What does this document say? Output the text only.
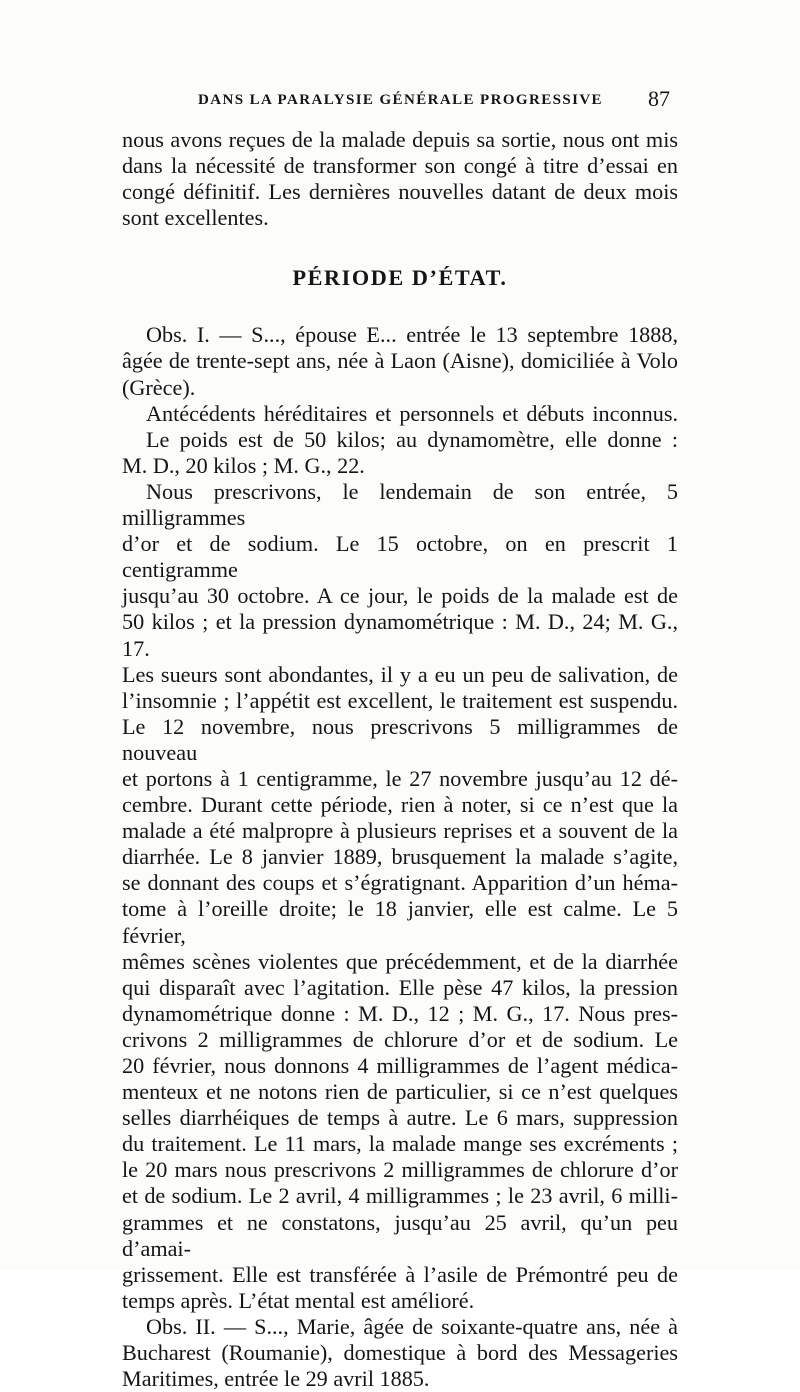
DANS LA PARALYSIE GÉNÉRALE PROGRESSIVE	87

nous avons reçues de la malade depuis sa sortie, nous ont mis

dans la nécessité de transformer son congé à titre d’essai en

congé définitif. Les dernières nouvelles datant de deux mois

sont excellentes.

PÉRIODE D’ÉTAT.

Obs. I. — S..., épouse E... entrée le 13 septembre 1888,

âgée de trente-sept ans, née à Laon (Aisne), domiciliée à Volo

(Grèce).

Antécédents héréditaires et personnels et débuts inconnus.

Le poids est de 50 kilos; au dynamomètre, elle donne :

M. D., 20 kilos ; M. G., 22.

Nous prescrivons, le lendemain de son entrée, 5 milligrammes

d’or et de sodium. Le 15 octobre, on en prescrit 1 centigramme

jusqu’au 30 octobre. A ce jour, le poids de la malade est de

50 kilos ; et la pression dynamométrique : M. D., 24; M. G., 17.

Les sueurs sont abondantes, il y a eu un peu de salivation, de

l’insomnie ; l’appétit est excellent, le traitement est suspendu.

Le 12 novembre, nous prescrivons 5 milligrammes de nouveau

et portons à 1 centigramme, le 27 novembre jusqu’au 12 dé-

cembre. Durant cette période, rien à noter, si ce n’est que la

malade a été malpropre à plusieurs reprises et a souvent de la

diarrhée. Le 8 janvier 1889, brusquement la malade s’agite,

se donnant des coups et s’égratignant. Apparition d’un héma-

tome à l’oreille droite; le 18 janvier, elle est calme. Le 5 février,

mêmes scènes violentes que précédemment, et de la diarrhée

qui disparaît avec l’agitation. Elle pèse 47 kilos, la pression

dynamométrique donne : M. D., 12 ; M. G., 17. Nous pres-

crivons 2 milligrammes de chlorure d’or et de sodium. Le

20 février, nous donnons 4 milligrammes de l’agent médica-

menteux et ne notons rien de particulier, si ce n’est quelques

selles diarrhéiques de temps à autre. Le 6 mars, suppression

du traitement. Le 11 mars, la malade mange ses excréments ;

le 20 mars nous prescrivons 2 milligrammes de chlorure d’or

et de sodium. Le 2 avril, 4 milligrammes ; le 23 avril, 6 milli-

grammes et ne constatons, jusqu’au 25 avril, qu’un peu d’amai-

grissement. Elle est transférée à l’asile de Prémontré peu de

temps après. L’état mental est amélioré.

Obs. II. — S..., Marie, âgée de soixante-quatre ans, née à

Bucharest (Roumanie), domestique à bord des Messageries

Maritimes, entrée le 29 avril 1885.
